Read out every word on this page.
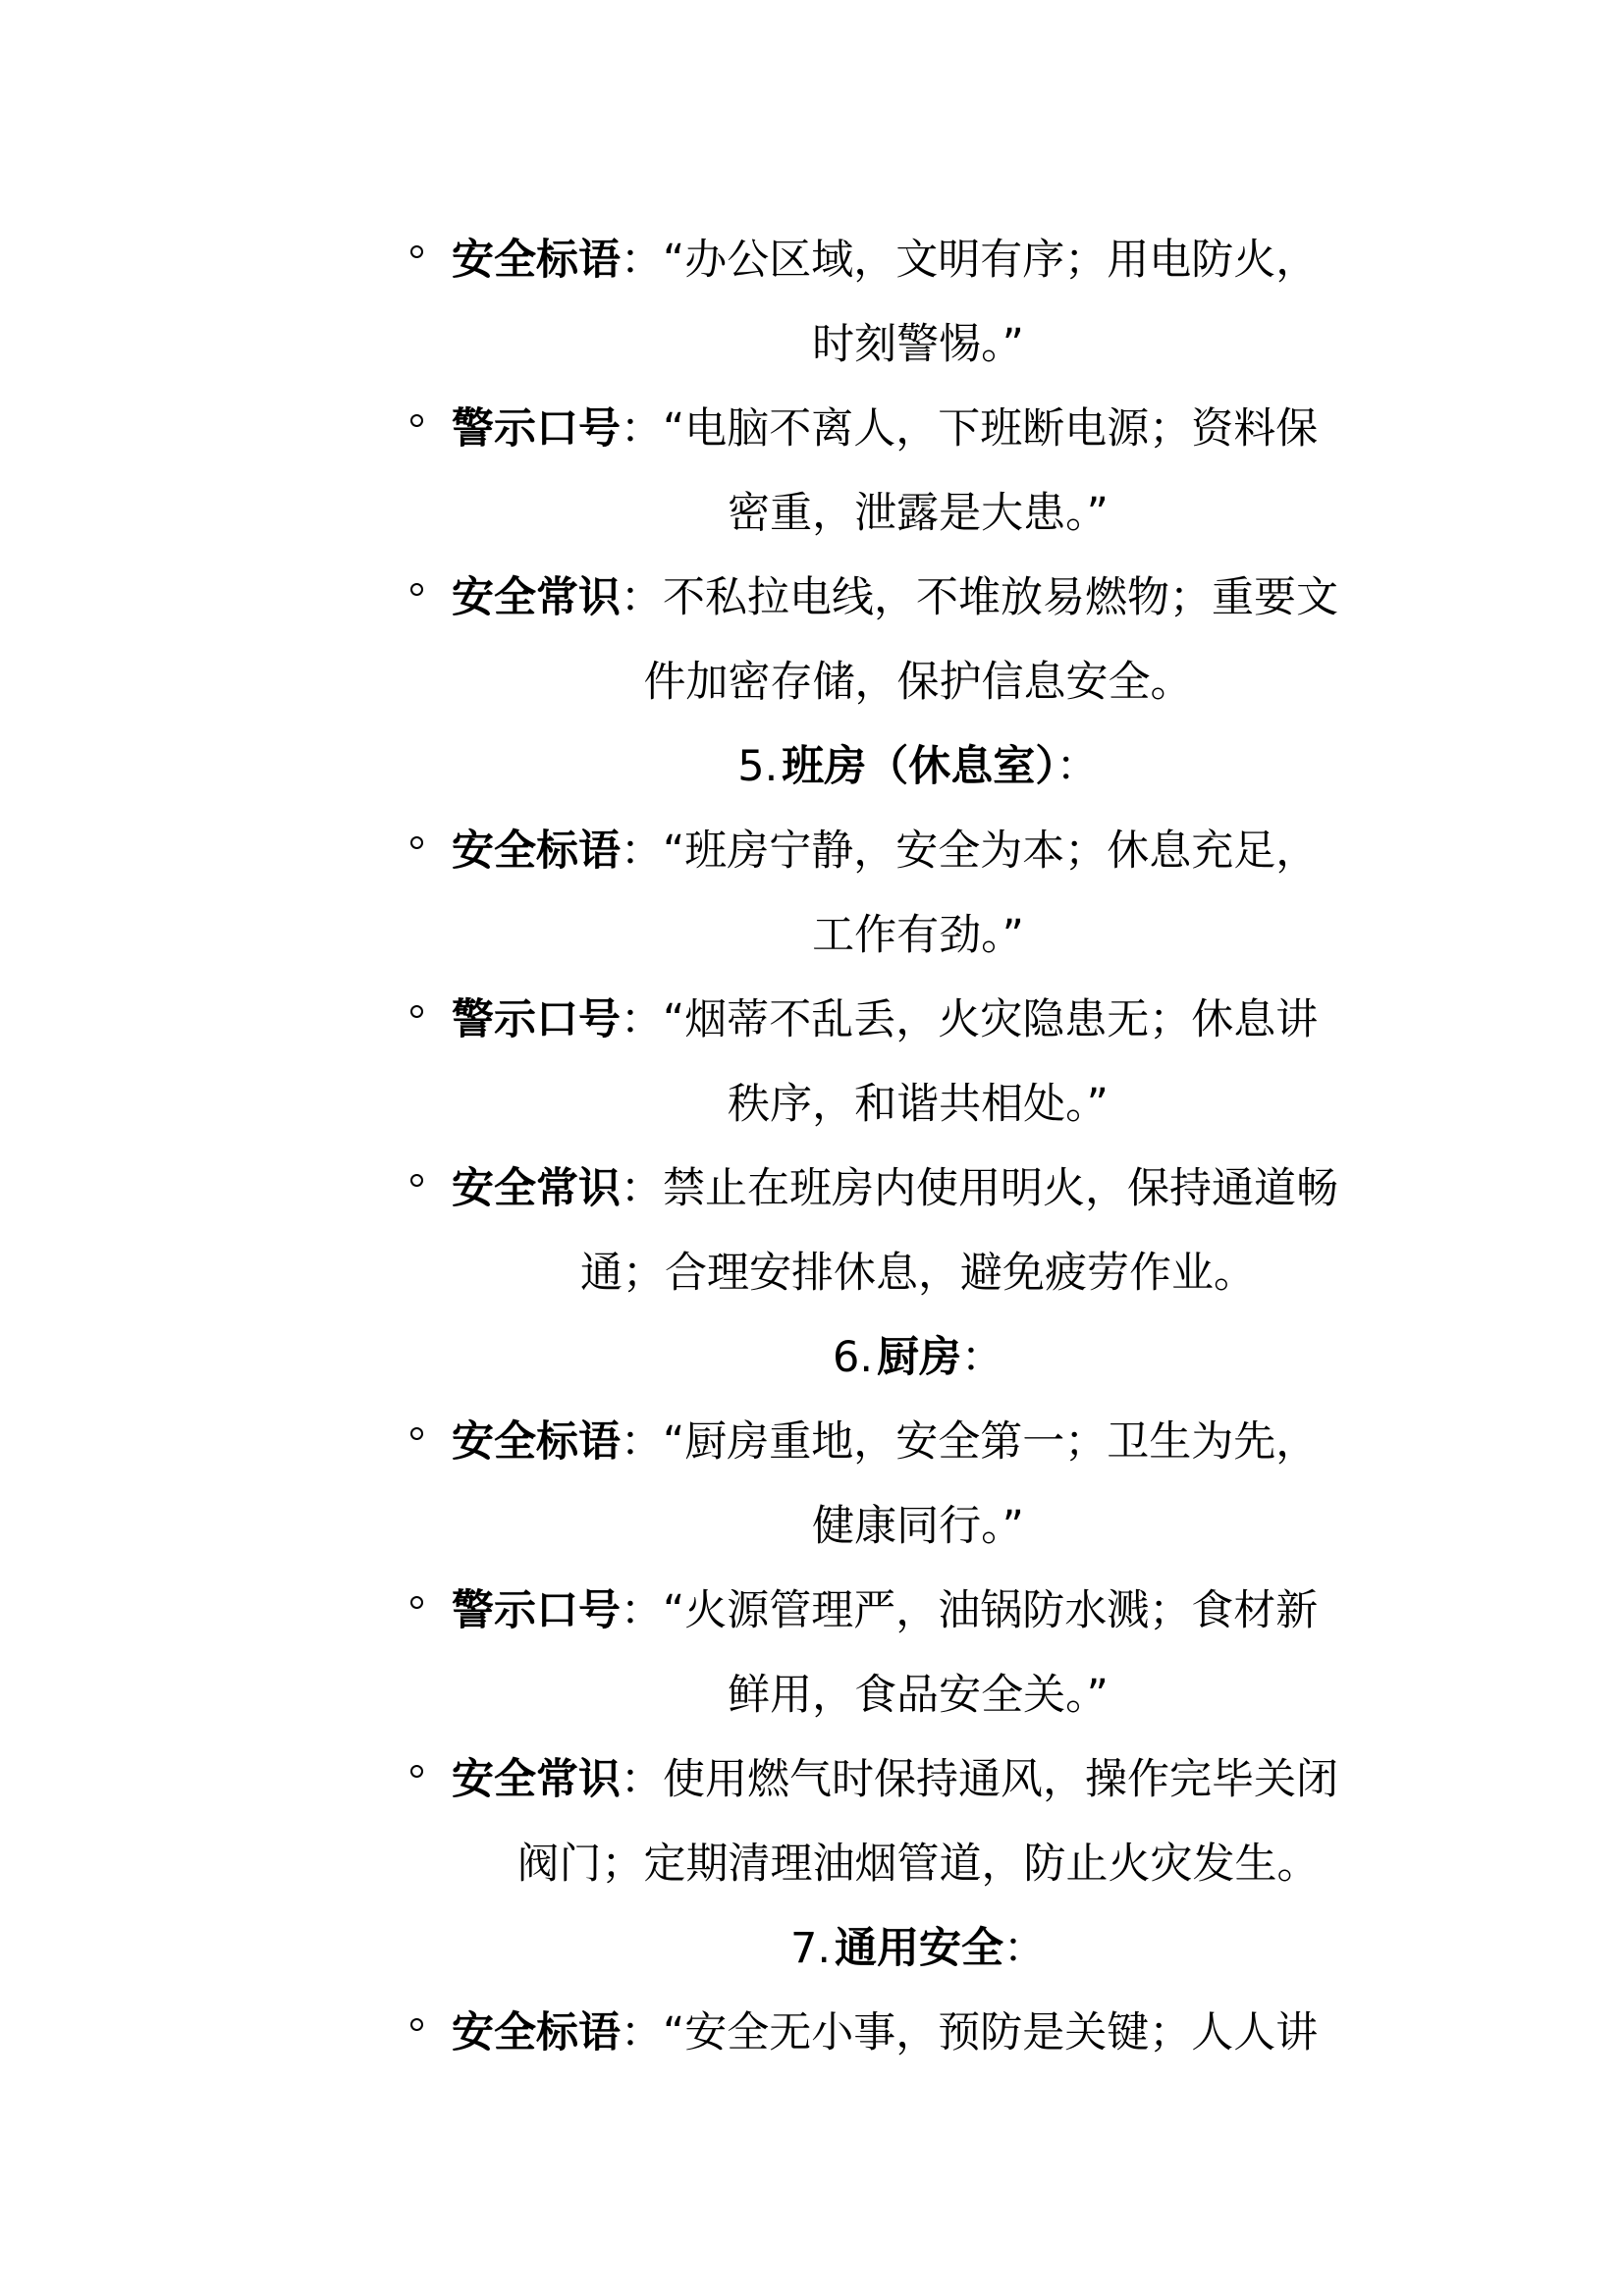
安全标语：“办公区域，文明有序；用电防火，
时刻警惕。”
警示口号：“电脑不离人，下班断电源；资料保
密重，泄露是大患。”
安全常识：不私拉电线，不堆放易燃物；重要文
件加密存储，保护信息安全。
5.班房（休息室）：
安全标语：“班房宁静，安全为本；休息充足，
工作有劲。”
警示口号：“烟蒂不乱丢，火灾隐患无；休息讲
秩序，和谐共相处。”
安全常识：禁止在班房内使用明火，保持通道畅
通；合理安排休息，避免疲劳作业。
6.厨房：
安全标语：“厨房重地，安全第一；卫生为先，
健康同行。”
警示口号：“火源管理严，油锅防水溅；食材新
鲜用，食品安全关。”
安全常识：使用燃气时保持通风，操作完毕关闭
阀门；定期清理油烟管道，防止火灾发生。
7.通用安全：
安全标语：“安全无小事，预防是关键；人人讲
